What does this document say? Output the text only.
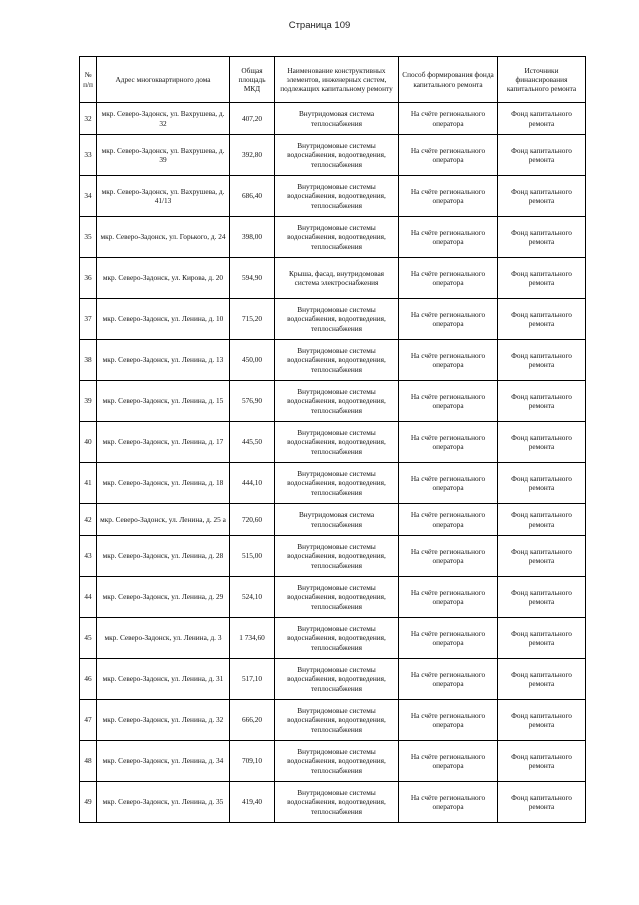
Страница 109
№ п/п	Адрес многоквартирного дома	Общая площадь МКД	Наименование конструктивных элементов, инженерных систем, подлежащих капитальному ремонту	Способ формирования фонда капитального ремонта	Источники финансирования капитального ремонта
32	мкр. Северо-Задонск, ул. Вахрушева, д. 32	407,20	Внутридомовая система теплоснабжения	На счёте регионального оператора	Фонд капитального ремонта
33	мкр. Северо-Задонск, ул. Вахрушева, д. 39	392,80	Внутридомовые системы водоснабжения, водоотведения, теплоснабжения	На счёте регионального оператора	Фонд капитального ремонта
34	мкр. Северо-Задонск, ул. Вахрушева, д. 41/13	686,40	Внутридомовые системы водоснабжения, водоотведения, теплоснабжения	На счёте регионального оператора	Фонд капитального ремонта
35	мкр. Северо-Задонск, ул. Горького, д. 24	398,00	Внутридомовые системы водоснабжения, водоотведения, теплоснабжения	На счёте регионального оператора	Фонд капитального ремонта
36	мкр. Северо-Задонск, ул. Кирова, д. 20	594,90	Крыша, фасад, внутридомовая система электроснабжения	На счёте регионального оператора	Фонд капитального ремонта
37	мкр. Северо-Задонск, ул. Ленина, д. 10	715,20	Внутридомовые системы водоснабжения, водоотведения, теплоснабжения	На счёте регионального оператора	Фонд капитального ремонта
38	мкр. Северо-Задонск, ул. Ленина, д. 13	450,00	Внутридомовые системы водоснабжения, водоотведения, теплоснабжения	На счёте регионального оператора	Фонд капитального ремонта
39	мкр. Северо-Задонск, ул. Ленина, д. 15	576,90	Внутридомовые системы водоснабжения, водоотведения, теплоснабжения	На счёте регионального оператора	Фонд капитального ремонта
40	мкр. Северо-Задонск, ул. Ленина, д. 17	445,50	Внутридомовые системы водоснабжения, водоотведения, теплоснабжения	На счёте регионального оператора	Фонд капитального ремонта
41	мкр. Северо-Задонск, ул. Ленина, д. 18	444,10	Внутридомовые системы водоснабжения, водоотведения, теплоснабжения	На счёте регионального оператора	Фонд капитального ремонта
42	мкр. Северо-Задонск, ул. Ленина, д. 25 а	720,60	Внутридомовая система теплоснабжения	На счёте регионального оператора	Фонд капитального ремонта
43	мкр. Северо-Задонск, ул. Ленина, д. 28	515,00	Внутридомовые системы водоснабжения, водоотведения, теплоснабжения	На счёте регионального оператора	Фонд капитального ремонта
44	мкр. Северо-Задонск, ул. Ленина, д. 29	524,10	Внутридомовые системы водоснабжения, водоотведения, теплоснабжения	На счёте регионального оператора	Фонд капитального ремонта
45	мкр. Северо-Задонск, ул. Ленина, д. 3	1 734,60	Внутридомовые системы водоснабжения, водоотведения, теплоснабжения	На счёте регионального оператора	Фонд капитального ремонта
46	мкр. Северо-Задонск, ул. Ленина, д. 31	517,10	Внутридомовые системы водоснабжения, водоотведения, теплоснабжения	На счёте регионального оператора	Фонд капитального ремонта
47	мкр. Северо-Задонск, ул. Ленина, д. 32	666,20	Внутридомовые системы водоснабжения, водоотведения, теплоснабжения	На счёте регионального оператора	Фонд капитального ремонта
48	мкр. Северо-Задонск, ул. Ленина, д. 34	709,10	Внутридомовые системы водоснабжения, водоотведения, теплоснабжения	На счёте регионального оператора	Фонд капитального ремонта
49	мкр. Северо-Задонск, ул. Ленина, д. 35	419,40	Внутридомовые системы водоснабжения, водоотведения, теплоснабжения	На счёте регионального оператора	Фонд капитального ремонта
